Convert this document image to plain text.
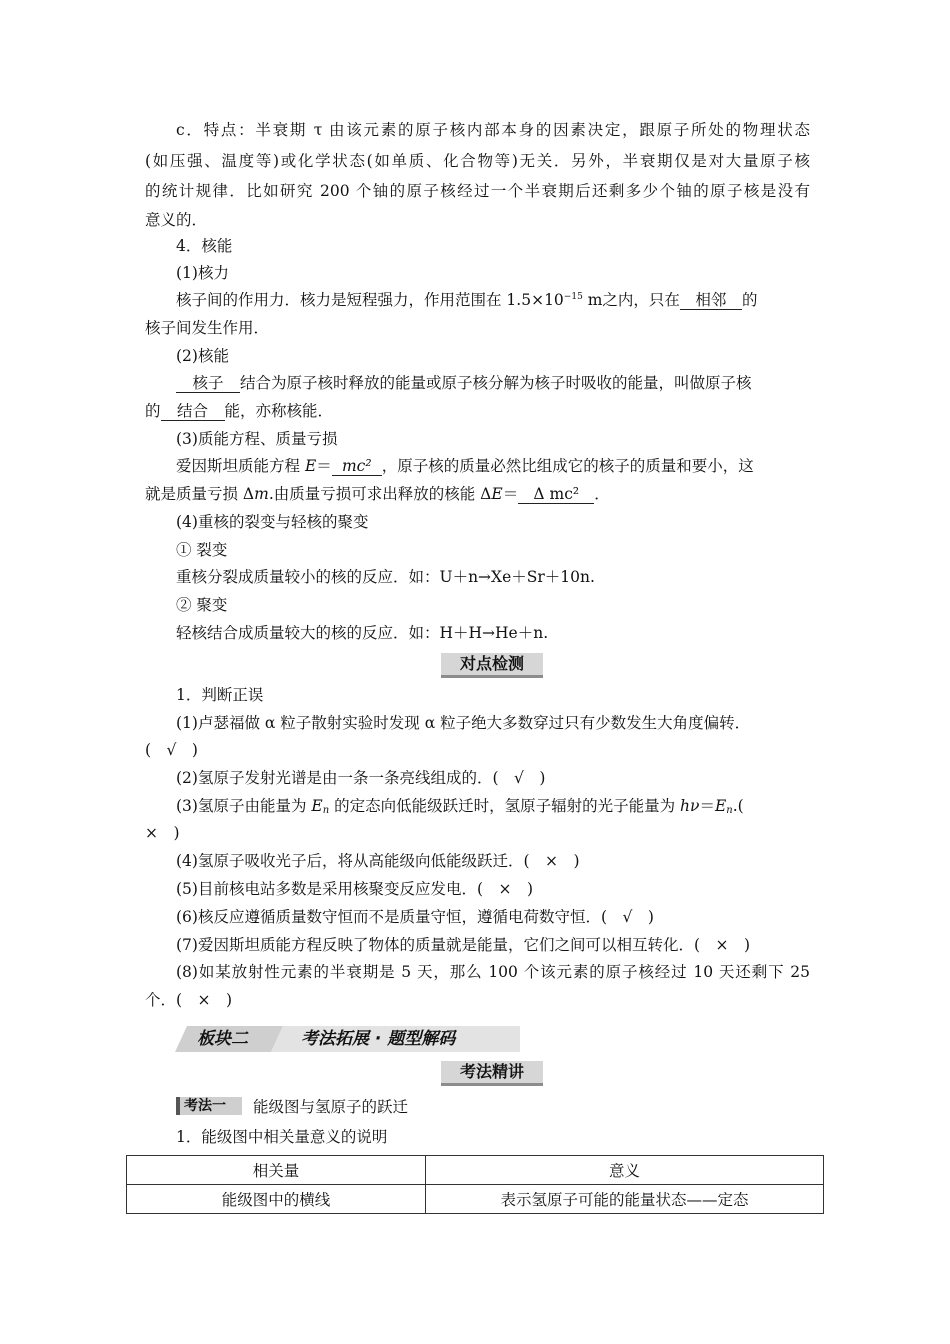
c．特点：半衰期 τ 由该元素的原子核内部本身的因素决定，跟原子所处的物理状态
(如压强、温度等)或化学状态(如单质、化合物等)无关．另外，半衰期仅是对大量原子核
的统计规律．比如研究 200 个铀的原子核经过一个半衰期后还剩多少个铀的原子核是没有
意义的．
4．核能
(1)核力
核子间的作用力．核力是短程强力，作用范围在 $1.5\times 10^{-15}$ m之内，只在 相邻 的
核子间发生作用．
(2)核能
核子 结合为原子核时释放的能量或原子核分解为核子时吸收的能量，叫做原子核
的 结合 能，亦称核能．
(3)质能方程、质量亏损
爱因斯坦质能方程 E＝ mc² ，原子核的质量必然比组成它的核子的质量和要小，这
就是质量亏损 Δm.由质量亏损可求出释放的核能 ΔE＝ Δ mc² ．
(4)重核的裂变与轻核的聚变
① 裂变
重核分裂成质量较小的核的反应．如：U＋n→Xe＋Sr＋10n.
② 聚变
轻核结合成质量较大的核的反应．如：H＋H→He＋n.
对点检测
1．判断正误
(1)卢瑟福做 α 粒子散射实验时发现 α 粒子绝大多数穿过只有少数发生大角度偏转．
(　√　)
(2)氢原子发射光谱是由一条一条亮线组成的．(　√　)
(3)氢原子由能量为 $E_n$ 的定态向低能级跃迁时，氢原子辐射的光子能量为 $h\nu=E_n$.(
×　)
(4)氢原子吸收光子后，将从高能级向低能级跃迁．(　×　)
(5)目前核电站多数是采用核聚变反应发电．(　×　)
(6)核反应遵循质量数守恒而不是质量守恒，遵循电荷数守恒．(　√　)
(7)爱因斯坦质能方程反映了物体的质量就是能量，它们之间可以相互转化．(　×　)
(8)如某放射性元素的半衰期是 5 天，那么 100 个该元素的原子核经过 10 天还剩下 25
个．(　×　)
板块二	考法拓展 · 题型解码
考法精讲
考法一	能级图与氢原子的跃迁
1．能级图中相关量意义的说明
相关量	意义
能级图中的横线	表示氢原子可能的能量状态——定态
